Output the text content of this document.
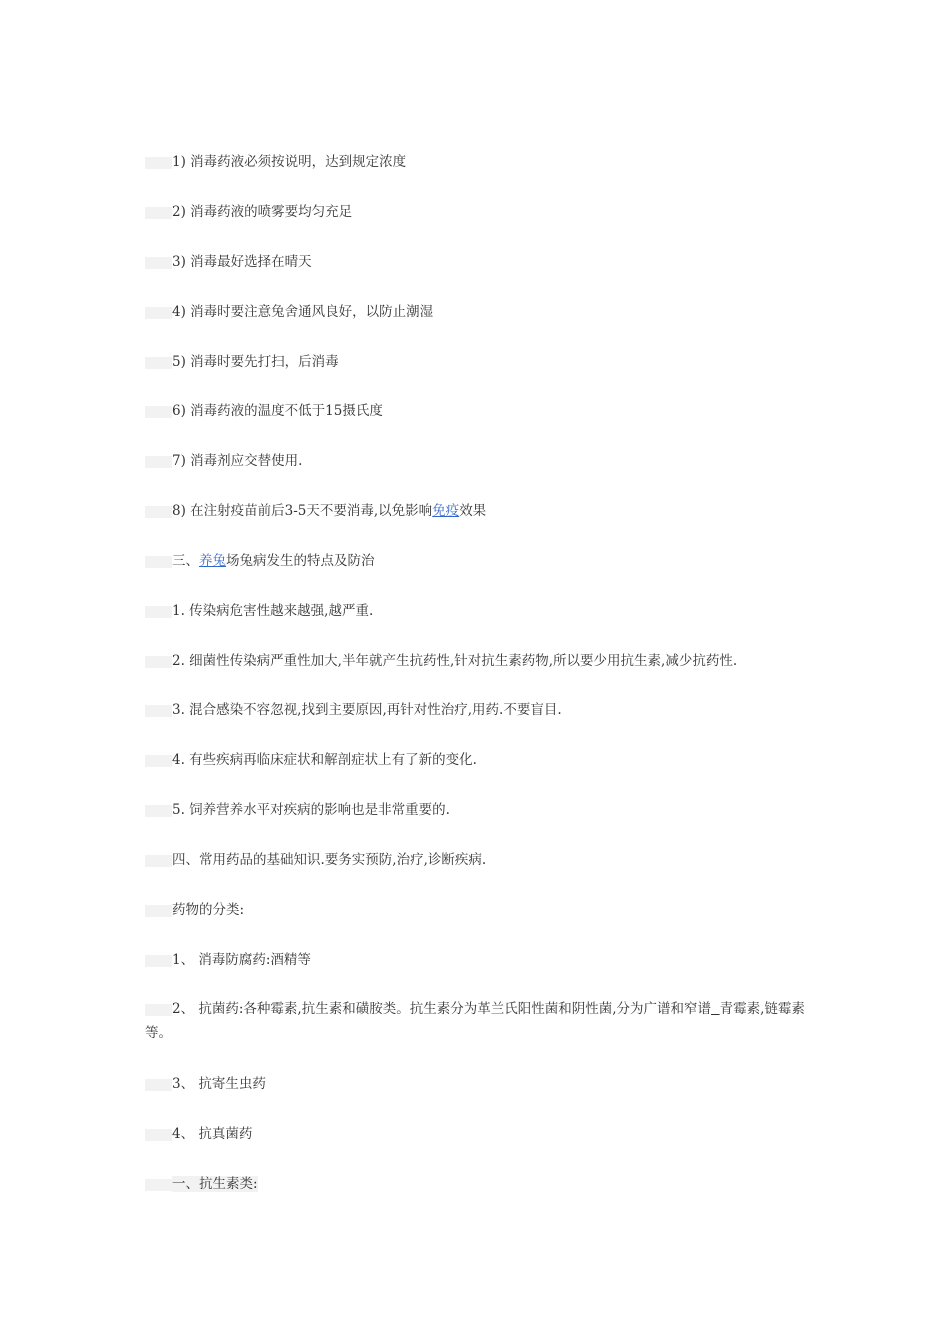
1) 消毒药液必须按说明，达到规定浓度
2) 消毒药液的喷雾要均匀充足
3) 消毒最好选择在晴天
4) 消毒时要注意兔舍通风良好，以防止潮湿
5) 消毒时要先打扫，后消毒
6) 消毒药液的温度不低于15摄氏度
7) 消毒剂应交替使用.
8) 在注射疫苗前后3-5天不要消毒,以免影响免疫效果
三、养兔场兔病发生的特点及防治
1. 传染病危害性越来越强,越严重.
2. 细菌性传染病严重性加大,半年就产生抗药性,针对抗生素药物,所以要少用抗生素,减少抗药性.
3. 混合感染不容忽视,找到主要原因,再针对性治疗,用药.不要盲目.
4. 有些疾病再临床症状和解剖症状上有了新的变化.
5. 饲养营养水平对疾病的影响也是非常重要的.
四、常用药品的基础知识.要务实预防,治疗,诊断疾病.
药物的分类:
1、 消毒防腐药:酒精等
2、 抗菌药:各种霉素,抗生素和磺胺类。抗生素分为革兰氏阳性菌和阴性菌,分为广谱和窄谱 青霉素,链霉素等。
3、 抗寄生虫药
4、 抗真菌药
一、抗生素类:
